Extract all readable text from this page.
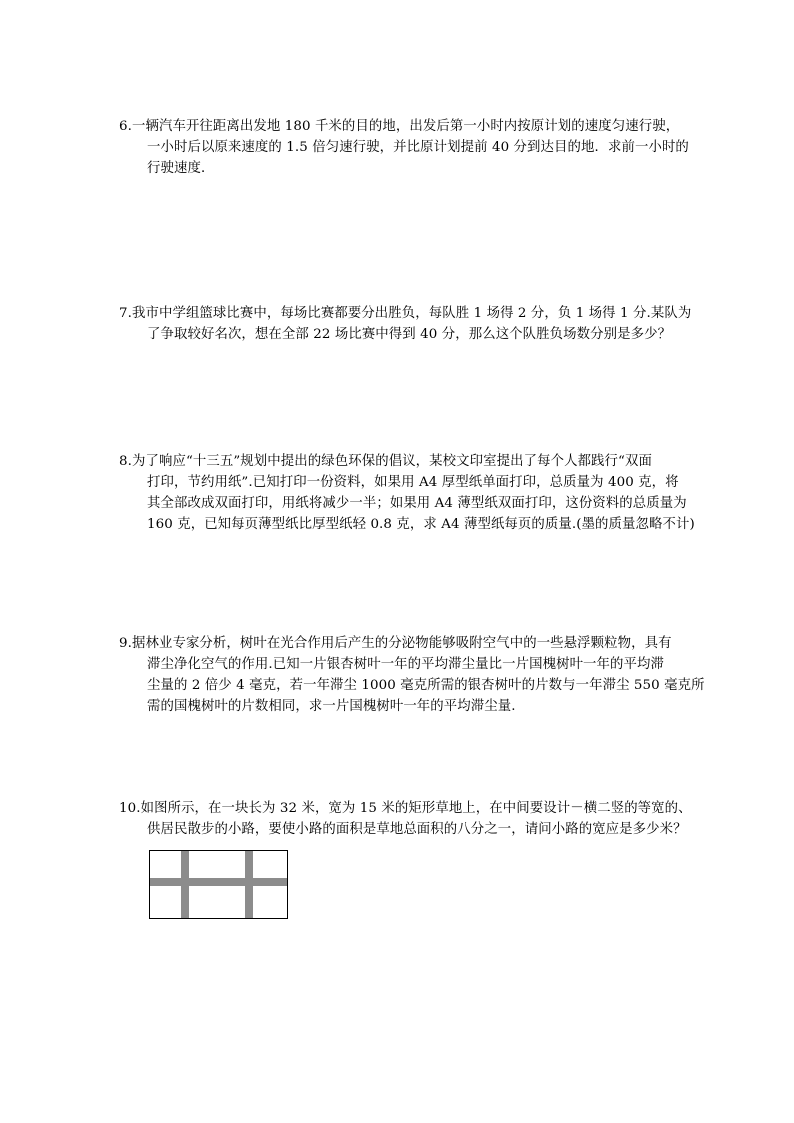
6.一辆汽车开往距离出发地 180 千米的目的地，出发后第一小时内按原计划的速度匀速行驶，

一小时后以原来速度的 1.5 倍匀速行驶，并比原计划提前 40 分到达目的地．求前一小时的

行驶速度．

7.我市中学组篮球比赛中，每场比赛都要分出胜负，每队胜 1 场得 2 分，负 1 场得 1 分.某队为

了争取较好名次，想在全部 22 场比赛中得到 40 分，那么这个队胜负场数分别是多少？

8.为了响应“十三五”规划中提出的绿色环保的倡议，某校文印室提出了每个人都践行“双面

打印，节约用纸”.已知打印一份资料，如果用 A4 厚型纸单面打印，总质量为 400 克，将

其全部改成双面打印，用纸将减少一半；如果用 A4 薄型纸双面打印，这份资料的总质量为

160 克，已知每页薄型纸比厚型纸轻 0.8 克，求 A4 薄型纸每页的质量.(墨的质量忽略不计)

9.据林业专家分析，树叶在光合作用后产生的分泌物能够吸附空气中的一些悬浮颗粒物，具有

滞尘净化空气的作用.已知一片银杏树叶一年的平均滞尘量比一片国槐树叶一年的平均滞

尘量的 2 倍少 4 毫克，若一年滞尘 1000 毫克所需的银杏树叶的片数与一年滞尘 550 毫克所

需的国槐树叶的片数相同，求一片国槐树叶一年的平均滞尘量.

10.如图所示，在一块长为 32 米，宽为 15 米的矩形草地上，在中间要设计－横二竖的等宽的、

供居民散步的小路，要使小路的面积是草地总面积的八分之一，请问小路的宽应是多少米？
